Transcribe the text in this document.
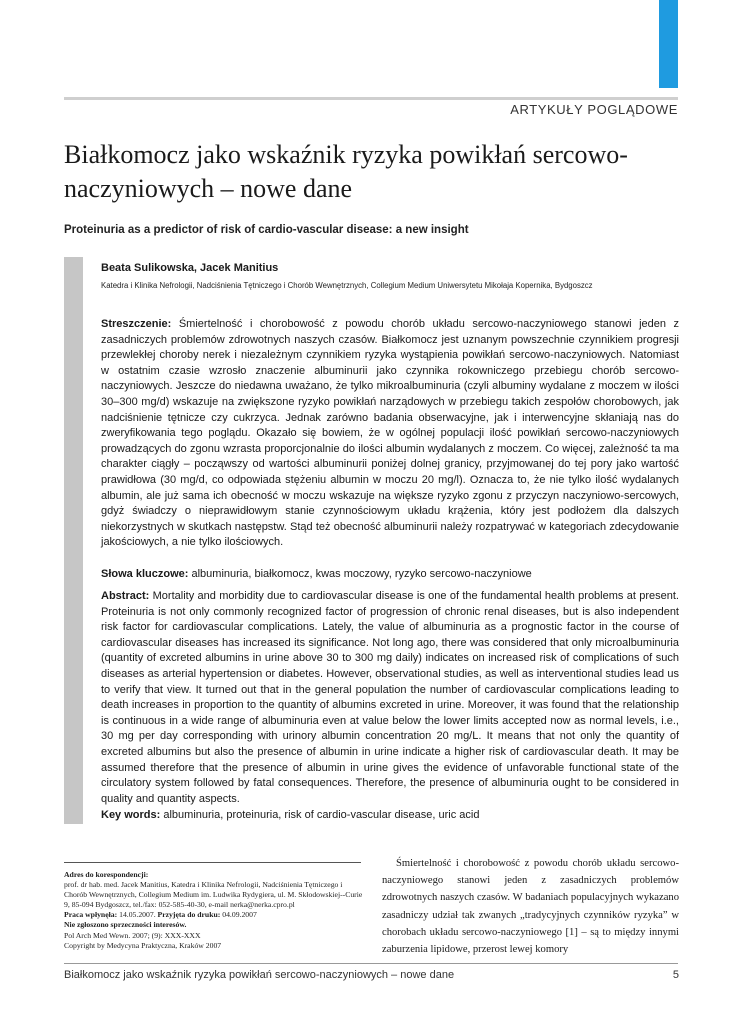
ARTYKUŁY POGLĄDOWE
Białkomocz jako wskaźnik ryzyka powikłań sercowo-naczyniowych – nowe dane
Proteinuria as a predictor of risk of cardio-vascular disease: a new insight
Beata Sulikowska, Jacek Manitius
Katedra i Klinika Nefrologii, Nadciśnienia Tętniczego i Chorób Wewnętrznych, Collegium Medium Uniwersytetu Mikołaja Kopernika, Bydgoszcz
Streszczenie: Śmiertelność i chorobowość z powodu chorób układu sercowo-naczyniowego stanowi jeden z zasadniczych problemów zdrowotnych naszych czasów. Białkomocz jest uznanym powszechnie czynnikiem progresji przewlekłej choroby nerek i niezależnym czynnikiem ryzyka wystąpienia powikłań sercowo-naczyniowych. Natomiast w ostatnim czasie wzrosło znaczenie albuminurii jako czynnika rokowniczego przebiegu chorób sercowo-naczyniowych. Jeszcze do niedawna uważano, że tylko mikroalbuminuria (czyli albuminy wydalane z moczem w ilości 30–300 mg/d) wskazuje na zwiększone ryzyko powikłań narządowych w przebiegu takich zespołów chorobowych, jak nadciśnienie tętnicze czy cukrzyca. Jednak zarówno badania obserwacyjne, jak i interwencyjne skłaniają nas do zweryfikowania tego poglądu. Okazało się bowiem, że w ogólnej populacji ilość powikłań sercowo-naczyniowych prowadzących do zgonu wzrasta proporcjonalnie do ilości albumin wydalanych z moczem. Co więcej, zależność ta ma charakter ciągły – począwszy od wartości albuminurii poniżej dolnej granicy, przyjmowanej do tej pory jako wartość prawidłowa (30 mg/d, co odpowiada stężeniu albumin w moczu 20 mg/l). Oznacza to, że nie tylko ilość wydalanych albumin, ale już sama ich obecność w moczu wskazuje na większe ryzyko zgonu z przyczyn naczyniowo-sercowych, gdyż świadczy o nieprawidłowym stanie czynnościowym układu krążenia, który jest podłożem dla dalszych niekorzystnych w skutkach następstw. Stąd też obecność albuminurii należy rozpatrywać w kategoriach zdecydowanie jakościowych, a nie tylko ilościowych.
Słowa kluczowe: albuminuria, białkomocz, kwas moczowy, ryzyko sercowo-naczyniowe
Abstract: Mortality and morbidity due to cardiovascular disease is one of the fundamental health problems at present. Proteinuria is not only commonly recognized factor of progression of chronic renal diseases, but is also independent risk factor for cardiovascular complications. Lately, the value of albuminuria as a prognostic factor in the course of cardiovascular diseases has increased its significance. Not long ago, there was considered that only microalbuminuria (quantity of excreted albumins in urine above 30 to 300 mg daily) indicates on increased risk of complications of such diseases as arterial hypertension or diabetes. However, observational studies, as well as interventional studies lead us to verify that view. It turned out that in the general population the number of cardiovascular complications leading to death increases in proportion to the quantity of albumins excreted in urine. Moreover, it was found that the relationship is continuous in a wide range of albuminuria even at value below the lower limits accepted now as normal levels, i.e., 30 mg per day corresponding with urinory albumin concentration 20 mg/L. It means that not only the quantity of excreted albumins but also the presence of albumin in urine indicate a higher risk of cardiovascular death. It may be assumed therefore that the presence of albumin in urine gives the evidence of unfavorable functional state of the circulatory system followed by fatal consequences. Therefore, the presence of albuminuria ought to be considered in quality and quantity aspects.
Key words: albuminuria, proteinuria, risk of cardio-vascular disease, uric acid
Adres do korespondencji:
prof. dr hab. med. Jacek Manitius, Katedra i Klinika Nefrologii, Nadciśnienia Tętniczego i Chorób Wewnętrznych, Collegium Medium im. Ludwika Rydygiera, ul. M. Skłodowskiej--Curie 9, 85-094 Bydgoszcz, tel./fax: 052-585-40-30, e-mail nerka@nerka.cpro.pl
Praca wpłynęła: 14.05.2007. Przyjęta do druku: 04.09.2007
Nie zgłoszono sprzeczności interesów.
Pol Arch Med Wewn. 2007; (9): XXX-XXX
Copyright by Medycyna Praktyczna, Kraków 2007
Śmiertelność i chorobowość z powodu chorób układu sercowo-naczyniowego stanowi jeden z zasadniczych problemów zdrowotnych naszych czasów. W badaniach populacyjnych wykazano zasadniczy udział tak zwanych „tradycyjnych czynników ryzyka” w chorobach układu sercowo-naczyniowego [1] – są to między innymi zaburzenia lipidowe, przerost lewej komory
Białkomocz jako wskaźnik ryzyka powikłań sercowo-naczyniowych – nowe dane	5
